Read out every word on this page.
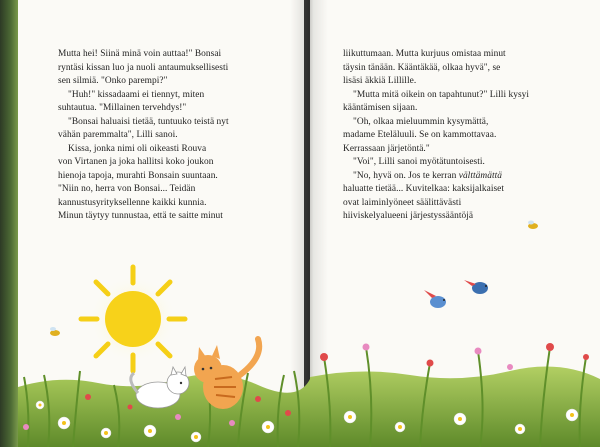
Mutta hei! Siinä minä voin auttaa!" Bonsai
ryntäsi kissan luo ja nuoli antaumuksellisesti
sen silmiä. "Onko parempi?"
"Huh!" kissadaami ei tiennyt, miten
suhtautua. "Millainen tervehdys!"
"Bonsai haluaisi tietää, tuntuuko teistä nyt
vähän paremmalta", Lilli sanoi.
Kissa, jonka nimi oli oikeasti Rouva
von Virtanen ja joka hallitsi koko joukon
hienoja tapoja, murahti Bonsain suuntaan.
"Niin no, herra von Bonsai... Teidän
kannustusyrityksellenne kaikki kunnia.
Minun täytyy tunnustaa, että te saitte minut
liikuttumaan. Mutta kurjuus omistaa minut
täysin tänään. Kääntäkää, olkaa hyvä", se
lisäsi äkkiä Lillille.
"Mutta mitä oikein on tapahtunut?" Lilli kysyi
kääntämisen sijaan.
"Oh, olkaa mieluummin kysymättä,
madame Eteläluuli. Se on kammottavaa.
Kerrassaan järjetöntä."
"Voi", Lilli sanoi myötätuntoisesti.
"No, hyvä on. Jos te kerran välttämättä
haluatte tietää... Kuvitelkaa: kaksijalkaiset
ovat laiminlyöneet säälittävästi
hiiviskelyalueeni järjestyssääntöjä
